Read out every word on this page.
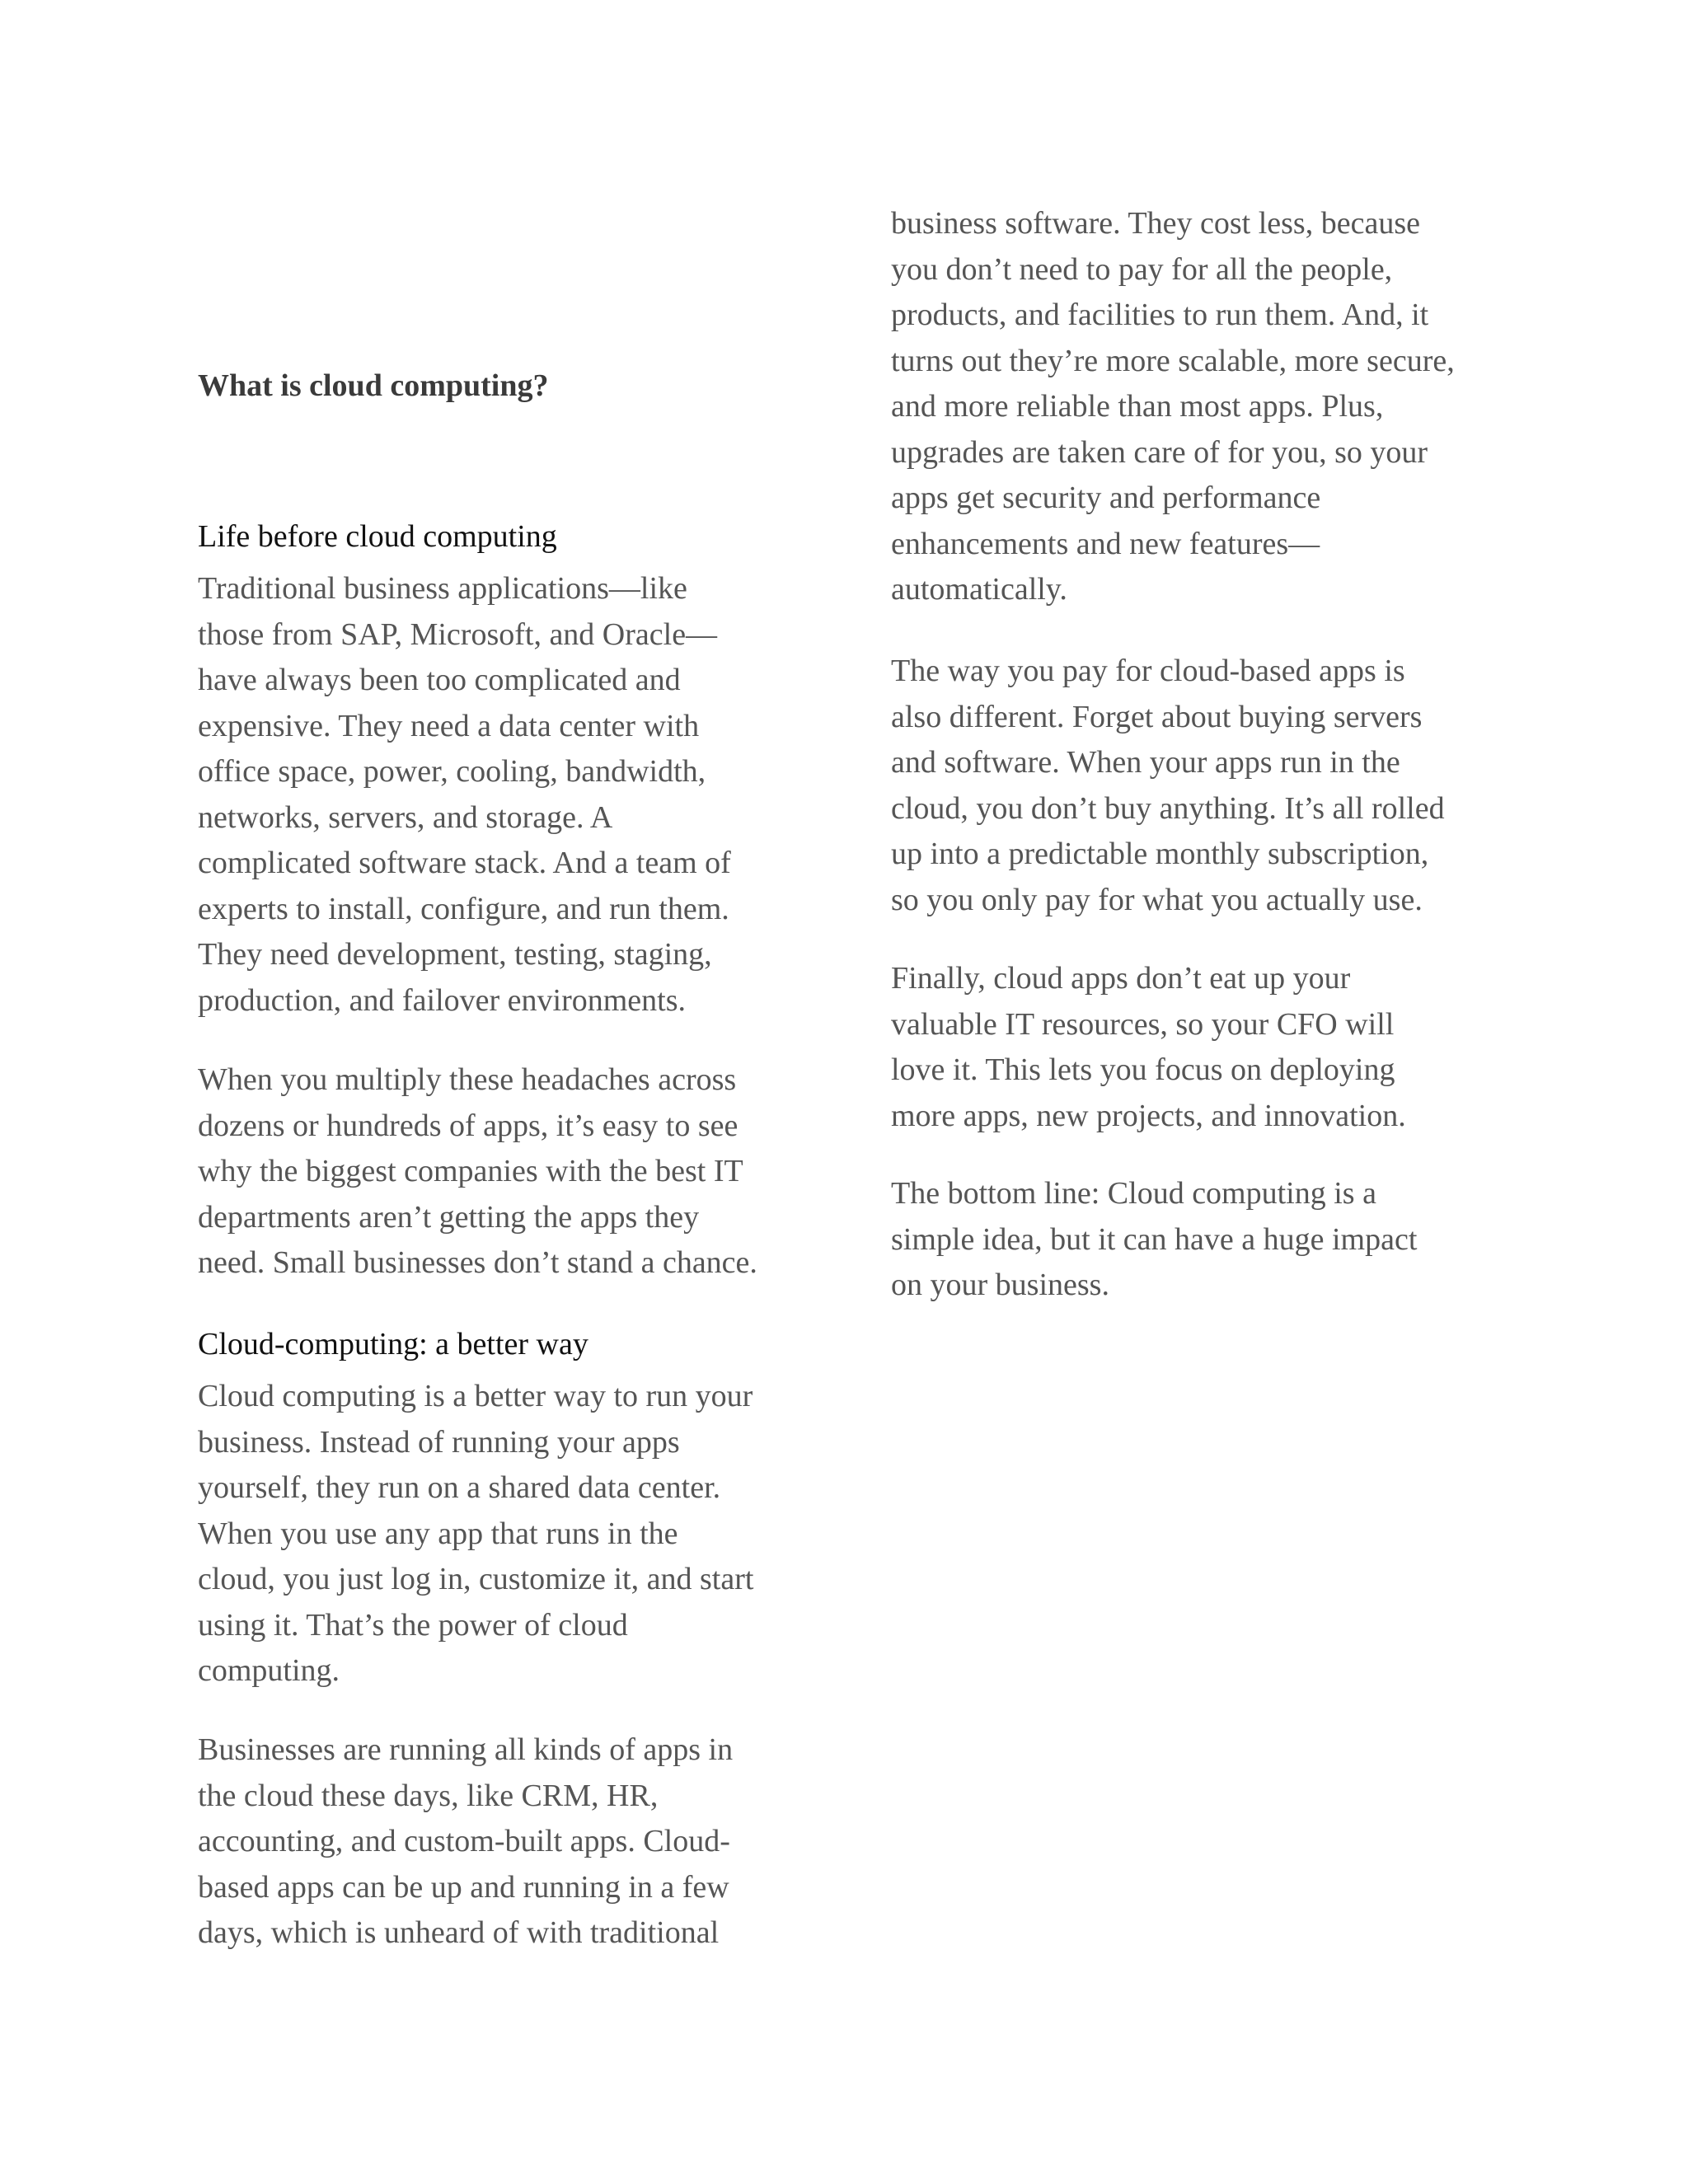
What is cloud computing?
Life before cloud computing

Traditional business applications—like
those from SAP, Microsoft, and Oracle—
have always been too complicated and
expensive. They need a data center with
office space, power, cooling, bandwidth,
networks, servers, and storage. A
complicated software stack. And a team of
experts to install, configure, and run them.
They need development, testing, staging,
production, and failover environments.

When you multiply these headaches across
dozens or hundreds of apps, it’s easy to see
why the biggest companies with the best IT
departments aren’t getting the apps they
need. Small businesses don’t stand a chance.

Cloud-computing: a better way

Cloud computing is a better way to run your
business. Instead of running your apps
yourself, they run on a shared data center.
When you use any app that runs in the
cloud, you just log in, customize it, and start
using it. That’s the power of cloud
computing.

Businesses are running all kinds of apps in
the cloud these days, like CRM, HR,
accounting, and custom-built apps. Cloud-
based apps can be up and running in a few
days, which is unheard of with traditional

business software. They cost less, because
you don’t need to pay for all the people,
products, and facilities to run them. And, it
turns out they’re more scalable, more secure,
and more reliable than most apps. Plus,
upgrades are taken care of for you, so your
apps get security and performance
enhancements and new features—
automatically.

The way you pay for cloud-based apps is
also different. Forget about buying servers
and software. When your apps run in the
cloud, you don’t buy anything. It’s all rolled
up into a predictable monthly subscription,
so you only pay for what you actually use.

Finally, cloud apps don’t eat up your
valuable IT resources, so your CFO will
love it. This lets you focus on deploying
more apps, new projects, and innovation.

The bottom line: Cloud computing is a
simple idea, but it can have a huge impact
on your business.
